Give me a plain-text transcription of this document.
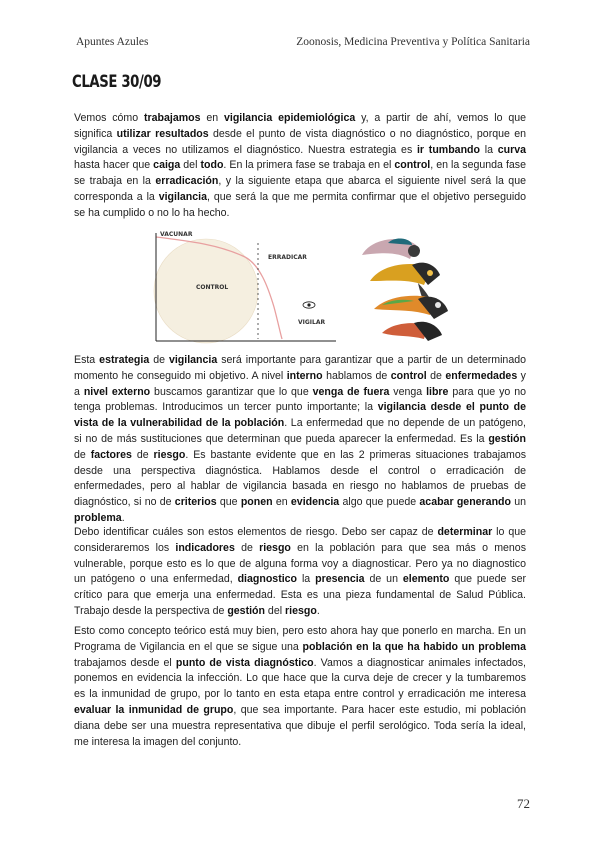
Apuntes Azules	Zoonosis, Medicina Preventiva y Política Sanitaria
CLASE 30/09

Vemos cómo trabajamos en vigilancia epidemiológica y, a partir de ahí, vemos lo que significa utilizar resultados desde el punto de vista diagnóstico o no diagnóstico, porque en vigilancia a veces no utilizamos el diagnóstico. Nuestra estrategia es ir tumbando la curva hasta hacer que caiga del todo. En la primera fase se trabaja en el control, en la segunda fase se trabaja en la erradicación, y la siguiente etapa que abarca el siguiente nivel será la que corresponda a la vigilancia, que será la que me permita confirmar que el objetivo perseguido se ha cumplido o no lo ha hecho.

VACUNAR
CONTROL
ERRADICAR
VIGILAR

Esta estrategia de vigilancia será importante para garantizar que a partir de un determinado momento he conseguido mi objetivo. A nivel interno hablamos de control de enfermedades y a nivel externo buscamos garantizar que lo que venga de fuera venga libre para que yo no tenga problemas. Introducimos un tercer punto importante; la vigilancia desde el punto de vista de la vulnerabilidad de la población. La enfermedad que no depende de un patógeno, si no de más sustituciones que determinan que pueda aparecer la enfermedad. Es la gestión de factores de riesgo. Es bastante evidente que en las 2 primeras situaciones trabajamos desde una perspectiva diagnóstica. Hablamos desde el control o erradicación de enfermedades, pero al hablar de vigilancia basada en riesgo no hablamos de pruebas de diagnóstico, si no de criterios que ponen en evidencia algo que puede acabar generando un problema.

Debo identificar cuáles son estos elementos de riesgo. Debo ser capaz de determinar lo que consideraremos los indicadores de riesgo en la población para que sea más o menos vulnerable, porque esto es lo que de alguna forma voy a diagnosticar. Pero ya no diagnostico un patógeno o una enfermedad, diagnostico la presencia de un elemento que puede ser crítico para que emerja una enfermedad. Esta es una pieza fundamental de Salud Pública. Trabajo desde la perspectiva de gestión del riesgo.

Esto como concepto teórico está muy bien, pero esto ahora hay que ponerlo en marcha. En un Programa de Vigilancia en el que se sigue una población en la que ha habido un problema trabajamos desde el punto de vista diagnóstico. Vamos a diagnosticar animales infectados, ponemos en evidencia la infección. Lo que hace que la curva deje de crecer y la tumbaremos es la inmunidad de grupo, por lo tanto en esta etapa entre control y erradicación me interesa evaluar la inmunidad de grupo, que sea importante. Para hacer este estudio, mi población diana debe ser una muestra representativa que dibuje el perfil serológico. Toda sería la ideal, me interesa la imagen del conjunto.

72
